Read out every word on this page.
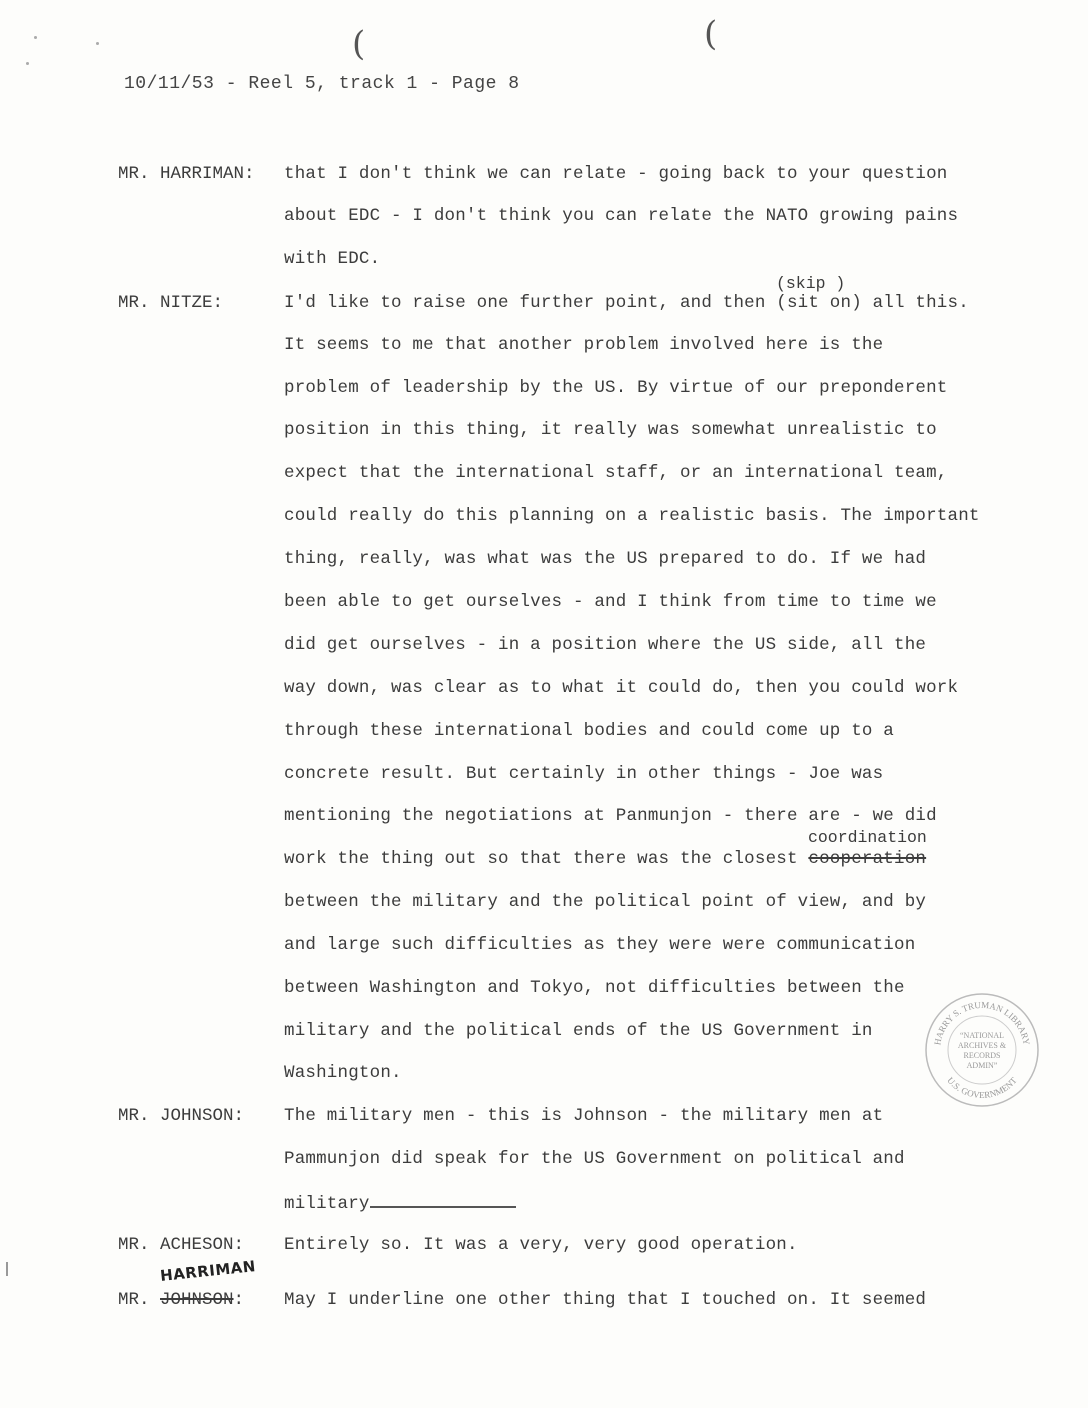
(	(
10/11/53 - Reel 5, track 1 - Page 8
MR. HARRIMAN:	that I don't think we can relate - going back to your question
about EDC - I don't think you can relate the NATO growing pains
with EDC.
(skip )
MR. NITZE:	I'd like to raise one further point, and then (sit on) all this.
It seems to me that another problem involved here is the
problem of leadership by the US. By virtue of our preponderent
position in this thing, it really was somewhat unrealistic to
expect that the international staff, or an international team,
could really do this planning on a realistic basis. The important
thing, really, was what was the US prepared to do. If we had
been able to get ourselves - and I think from time to time we
did get ourselves - in a position where the US side, all the
way down, was clear as to what it could do, then you could work
through these international bodies and could come up to a
concrete result. But certainly in other things - Joe was
mentioning the negotiations at Panmunjon - there are - we did
coordination
work the thing out so that there was the closest cooperation
between the military and the political point of view, and by
and large such difficulties as they were were communication
between Washington and Tokyo, not difficulties between the
military and the political ends of the US Government in
Washington.
MR. JOHNSON:	The military men - this is Johnson - the military men at
Pammunjon did speak for the US Government on political and
military
MR. ACHESON:	Entirely so. It was a very, very good operation.
HARRIMAN
MR. JOHNSON:	May I underline one other thing that I touched on. It seemed
HARRY S. TRUMAN LIBRARY
U.S. GOVERNMENT
“NATIONAL
ARCHIVES &
RECORDS
ADMIN”
